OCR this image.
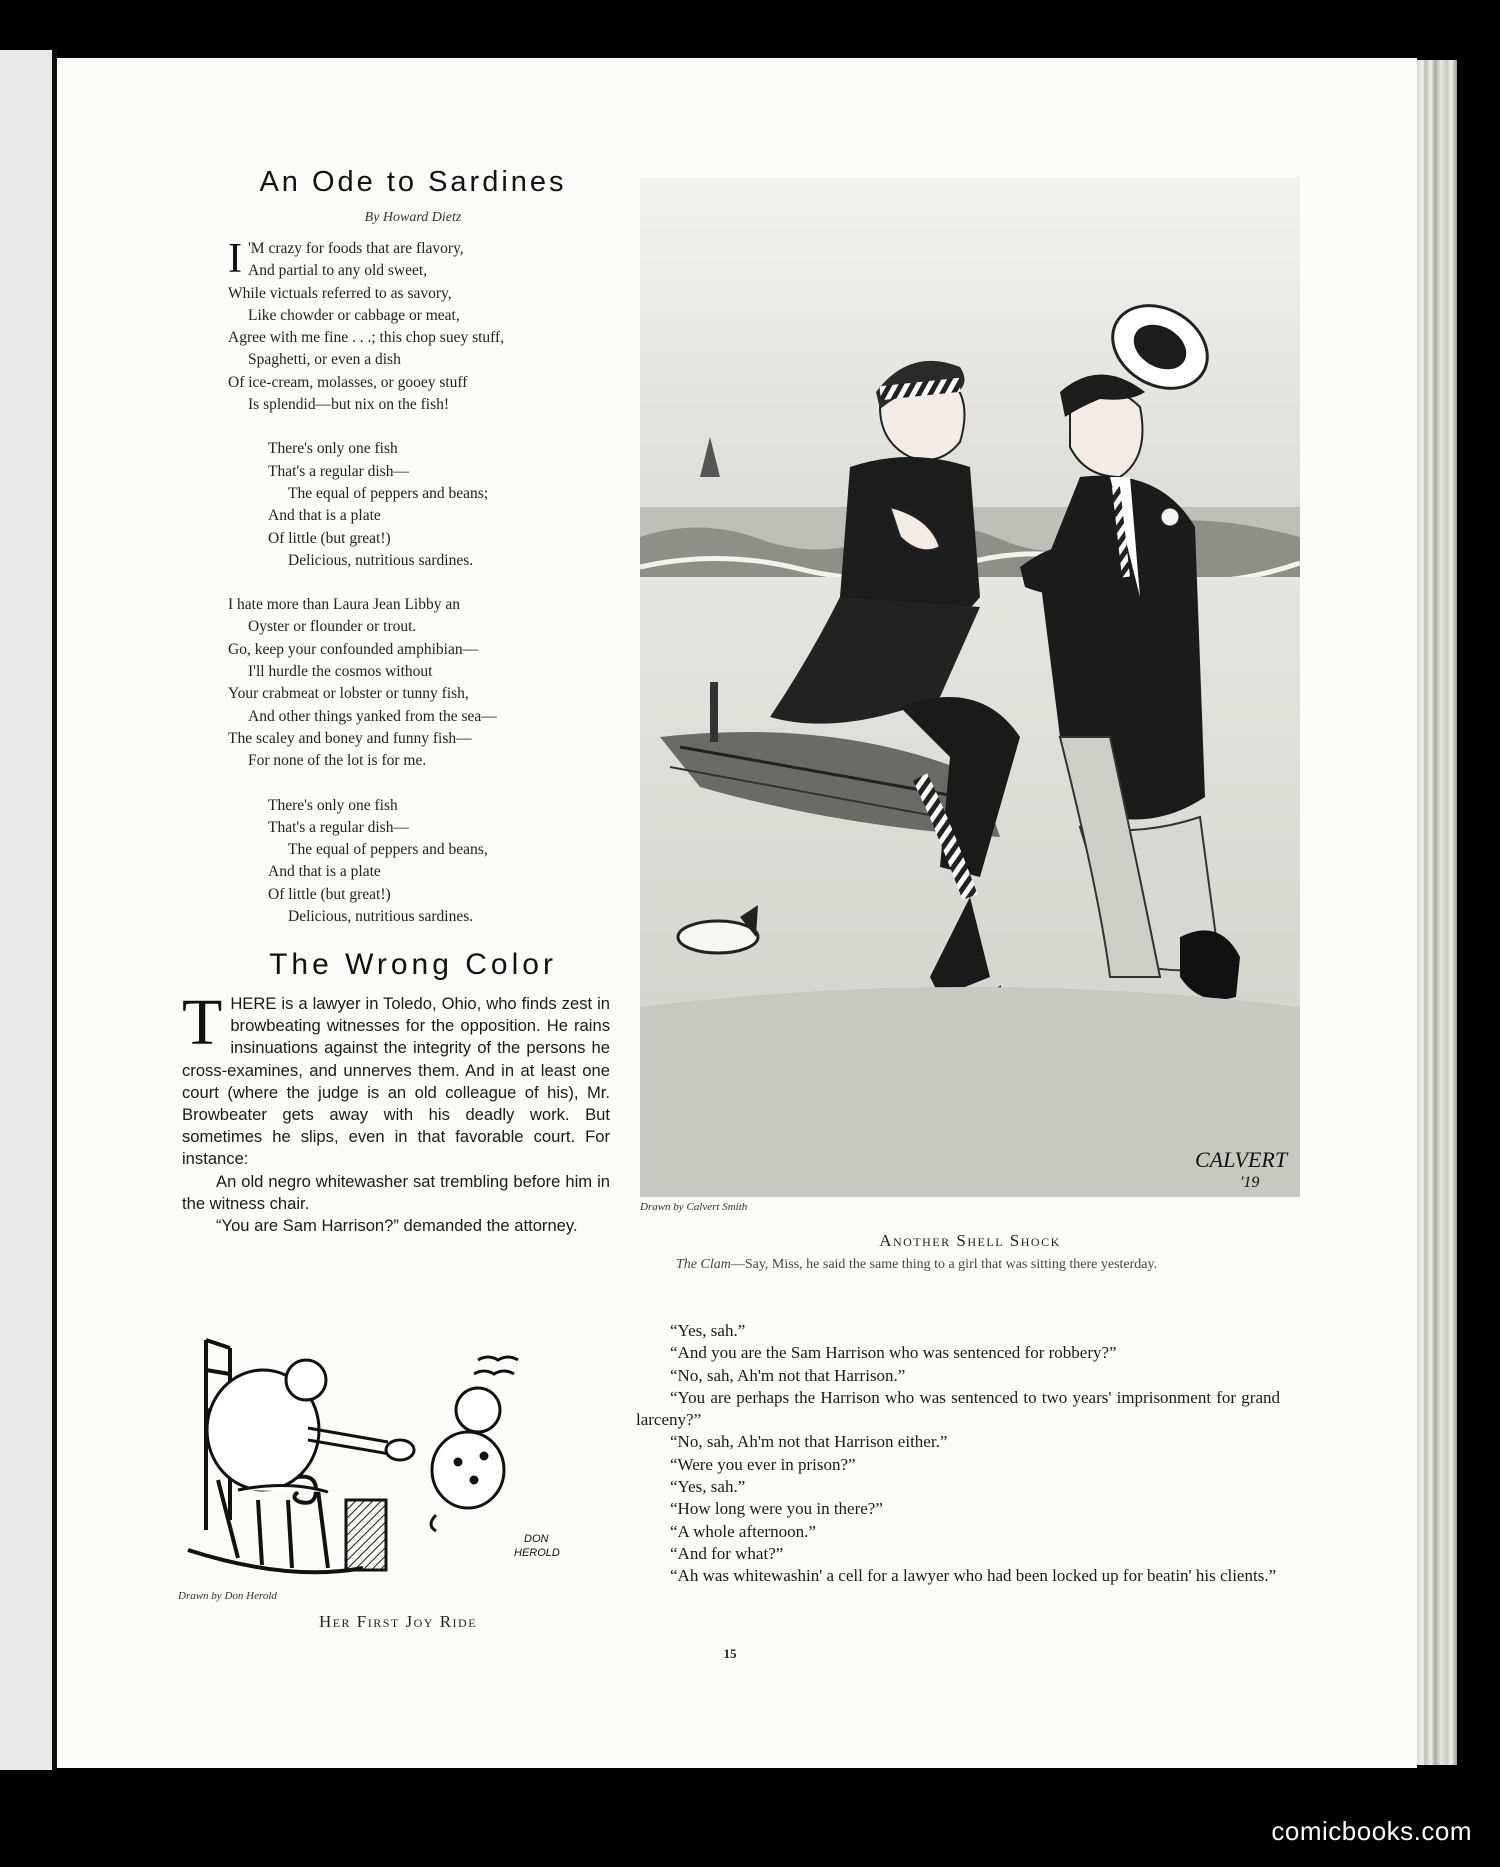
An Ode to Sardines
By Howard Dietz
I 'M crazy for foods that are flavory,
And partial to any old sweet,
While victuals referred to as savory,
Like chowder or cabbage or meat,
Agree with me fine . . .; this chop suey stuff,
Spaghetti, or even a dish
Of ice-cream, molasses, or gooey stuff
Is splendid—but nix on the fish!
There's only one fish
That's a regular dish—
The equal of peppers and beans;
And that is a plate
Of little (but great!)
Delicious, nutritious sardines.
I hate more than Laura Jean Libby an
Oyster or flounder or trout.
Go, keep your confounded amphibian—
I'll hurdle the cosmos without
Your crabmeat or lobster or tunny fish,
And other things yanked from the sea—
The scaley and boney and funny fish—
For none of the lot is for me.
There's only one fish
That's a regular dish—
The equal of peppers and beans,
And that is a plate
Of little (but great!)
Delicious, nutritious sardines.
The Wrong Color

THERE is a lawyer in Toledo, Ohio, who finds zest in browbeating witnesses for the opposition. He rains insinuations against the integrity of the persons he cross-examines, and unnerves them. And in at least one court (where the judge is an old colleague of his), Mr. Browbeater gets away with his deadly work. But sometimes he slips, even in that favorable court. For instance:

An old negro whitewasher sat trembling before him in the witness chair.

“You are Sam Harrison?” demanded the attorney.

DON
HEROLD
Drawn by Don Herold
Her First Joy Ride
CALVERT
'19
Drawn by Calvert Smith
Another Shell Shock
The Clam—Say, Miss, he said the same thing to a girl that was sitting there yesterday.

“Yes, sah.”

“And you are the Sam Harrison who was sentenced for robbery?”

“No, sah, Ah'm not that Harrison.”

“You are perhaps the Harrison who was sentenced to two years' imprisonment for grand larceny?”

“No, sah, Ah'm not that Harrison either.”

“Were you ever in prison?”

“Yes, sah.”

“How long were you in there?”

“A whole afternoon.”

“And for what?”

“Ah was whitewashin' a cell for a lawyer who had been locked up for beatin' his clients.”

15
comicbooks.com
